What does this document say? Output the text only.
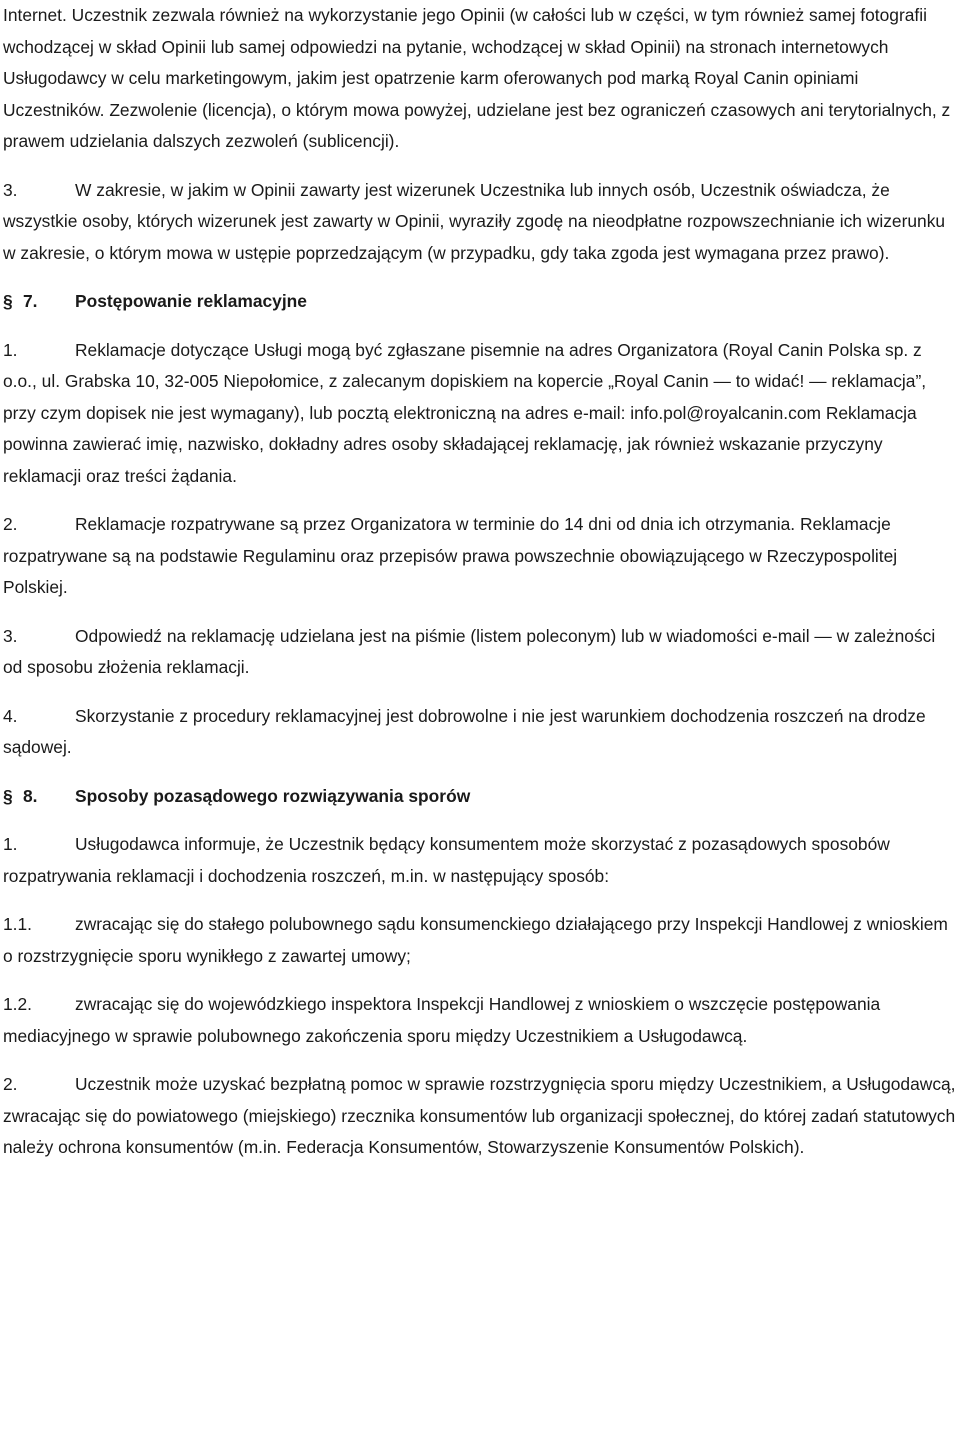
Internet. Uczestnik zezwala również na wykorzystanie jego Opinii (w całości lub w części, w tym również samej fotografii wchodzącej w skład Opinii lub samej odpowiedzi na pytanie, wchodzącej w skład Opinii) na stronach internetowych Usługodawcy w celu marketingowym, jakim jest opatrzenie karm oferowanych pod marką Royal Canin opiniami Uczestników. Zezwolenie (licencja), o którym mowa powyżej, udzielane jest bez ograniczeń czasowych ani terytorialnych, z prawem udzielania dalszych zezwoleń (sublicencji).

3.	W zakresie, w jakim w Opinii zawarty jest wizerunek Uczestnika lub innych osób, Uczestnik oświadcza, że wszystkie osoby, których wizerunek jest zawarty w Opinii, wyraziły zgodę na nieodpłatne rozpowszechnianie ich wizerunku w zakresie, o którym mowa w ustępie poprzedzającym (w przypadku, gdy taka zgoda jest wymagana przez prawo).

§ 7. Postępowanie reklamacyjne

1.	Reklamacje dotyczące Usługi mogą być zgłaszane pisemnie na adres Organizatora (Royal Canin Polska sp. z o.o., ul. Grabska 10, 32-005 Niepołomice, z zalecanym dopiskiem na kopercie „Royal Canin — to widać! — reklamacja”, przy czym dopisek nie jest wymagany), lub pocztą elektroniczną na adres e-mail: info.pol@royalcanin.com Reklamacja powinna zawierać imię, nazwisko, dokładny adres osoby składającej reklamację, jak również wskazanie przyczyny reklamacji oraz treści żądania.

2.	Reklamacje rozpatrywane są przez Organizatora w terminie do 14 dni od dnia ich otrzymania. Reklamacje rozpatrywane są na podstawie Regulaminu oraz przepisów prawa powszechnie obowiązującego w Rzeczypospolitej Polskiej.

3.	Odpowiedź na reklamację udzielana jest na piśmie (listem poleconym) lub w wiadomości e-mail — w zależności od sposobu złożenia reklamacji.

4.	Skorzystanie z procedury reklamacyjnej jest dobrowolne i nie jest warunkiem dochodzenia roszczeń na drodze sądowej.

§ 8. Sposoby pozasądowego rozwiązywania sporów

1.	Usługodawca informuje, że Uczestnik będący konsumentem może skorzystać z pozasądowych sposobów rozpatrywania reklamacji i dochodzenia roszczeń, m.in. w następujący sposób:

1.1. zwracając się do stałego polubownego sądu konsumenckiego działającego przy Inspekcji Handlowej z wnioskiem o rozstrzygnięcie sporu wynikłego z zawartej umowy;

1.2. zwracając się do wojewódzkiego inspektora Inspekcji Handlowej z wnioskiem o wszczęcie postępowania mediacyjnego w sprawie polubownego zakończenia sporu między Uczestnikiem a Usługodawcą.

2.	Uczestnik może uzyskać bezpłatną pomoc w sprawie rozstrzygnięcia sporu między Uczestnikiem, a Usługodawcą, zwracając się do powiatowego (miejskiego) rzecznika konsumentów lub organizacji społecznej, do której zadań statutowych należy ochrona konsumentów (m.in. Federacja Konsumentów, Stowarzyszenie Konsumentów Polskich).
